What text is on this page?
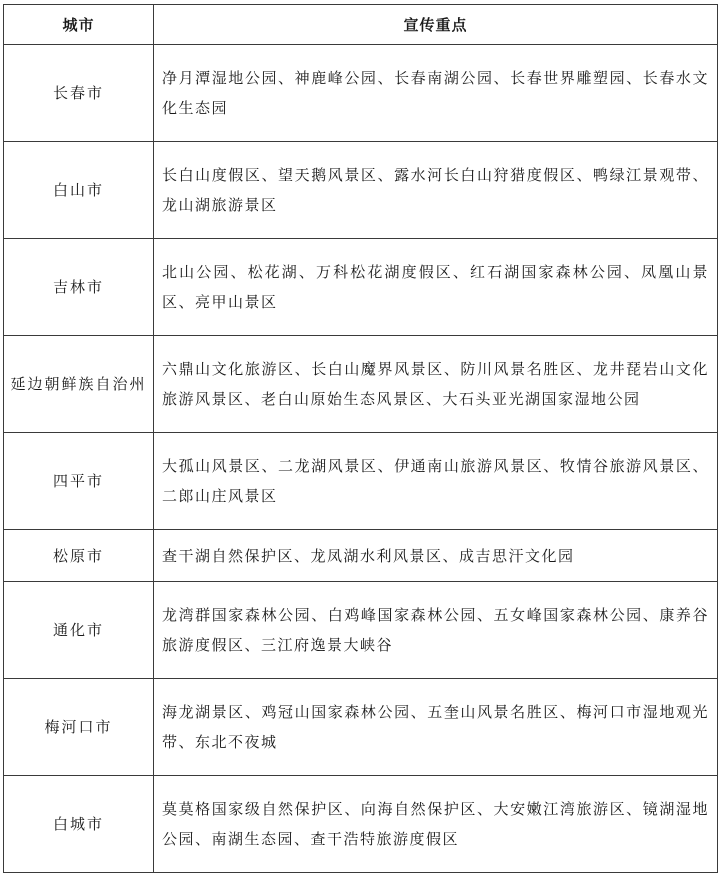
城市	宣传重点
长春市	净月潭湿地公园、神鹿峰公园、长春南湖公园、长春世界雕塑园、长春水文化生态园
白山市	长白山度假区、望天鹅风景区、露水河长白山狩猎度假区、鸭绿江景观带、龙山湖旅游景区
吉林市	北山公园、松花湖、万科松花湖度假区、红石湖国家森林公园、凤凰山景区、亮甲山景区
延边朝鲜族自治州	六鼎山文化旅游区、长白山魔界风景区、防川风景名胜区、龙井琵岩山文化旅游风景区、老白山原始生态风景区、大石头亚光湖国家湿地公园
四平市	大孤山风景区、二龙湖风景区、伊通南山旅游风景区、牧情谷旅游风景区、二郎山庄风景区
松原市	查干湖自然保护区、龙凤湖水利风景区、成吉思汗文化园
通化市	龙湾群国家森林公园、白鸡峰国家森林公园、五女峰国家森林公园、康养谷旅游度假区、三江府逸景大峡谷
梅河口市	海龙湖景区、鸡冠山国家森林公园、五奎山风景名胜区、梅河口市湿地观光带、东北不夜城
白城市	莫莫格国家级自然保护区、向海自然保护区、大安嫩江湾旅游区、镜湖湿地公园、南湖生态园、查干浩特旅游度假区
